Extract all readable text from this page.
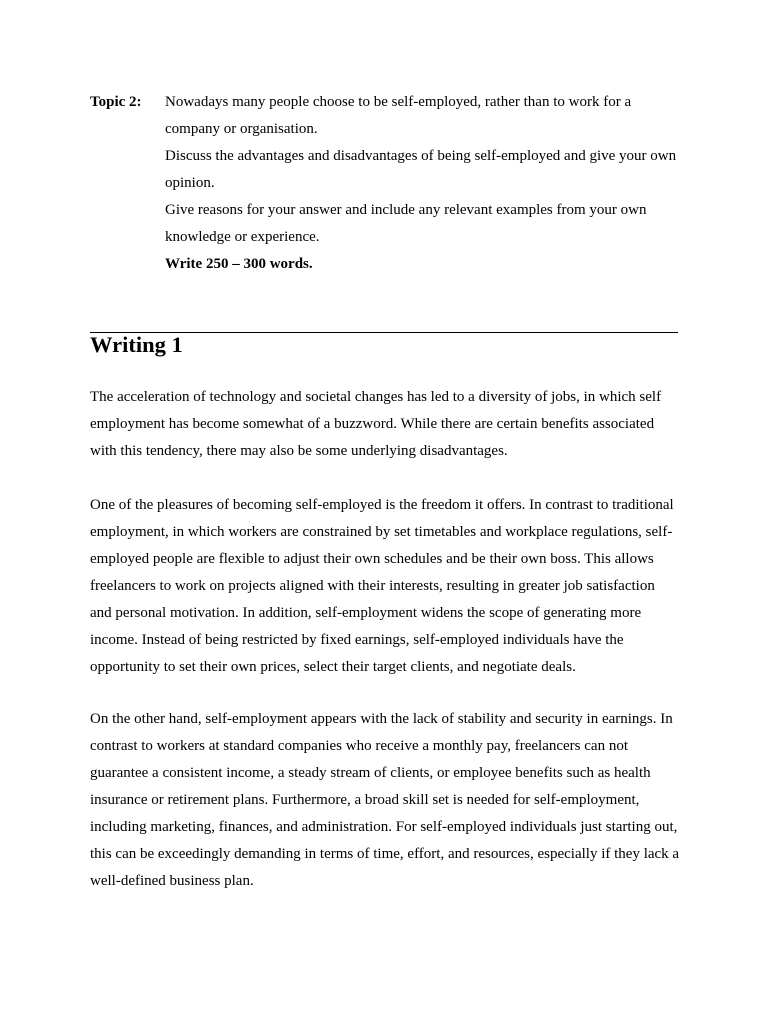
Topic 2: Nowadays many people choose to be self-employed, rather than to work for a company or organisation.

Discuss the advantages and disadvantages of being self-employed and give your own opinion.

Give reasons for your answer and include any relevant examples from your own knowledge or experience.

Write 250 – 300 words.

Writing 1

The acceleration of technology and societal changes has led to a diversity of jobs, in which self employment has become somewhat of a buzzword. While there are certain benefits associated with this tendency, there may also be some underlying disadvantages.

One of the pleasures of becoming self-employed is the freedom it offers. In contrast to traditional employment, in which workers are constrained by set timetables and workplace regulations, self-employed people are flexible to adjust their own schedules and be their own boss. This allows freelancers to work on projects aligned with their interests, resulting in greater job satisfaction and personal motivation. In addition, self-employment widens the scope of generating more income. Instead of being restricted by fixed earnings, self-employed individuals have the opportunity to set their own prices, select their target clients, and negotiate deals.

On the other hand, self-employment appears with the lack of stability and security in earnings. In contrast to workers at standard companies who receive a monthly pay, freelancers can not guarantee a consistent income, a steady stream of clients, or employee benefits such as health insurance or retirement plans. Furthermore, a broad skill set is needed for self-employment, including marketing, finances, and administration. For self-employed individuals just starting out, this can be exceedingly demanding in terms of time, effort, and resources, especially if they lack a well-defined business plan.
